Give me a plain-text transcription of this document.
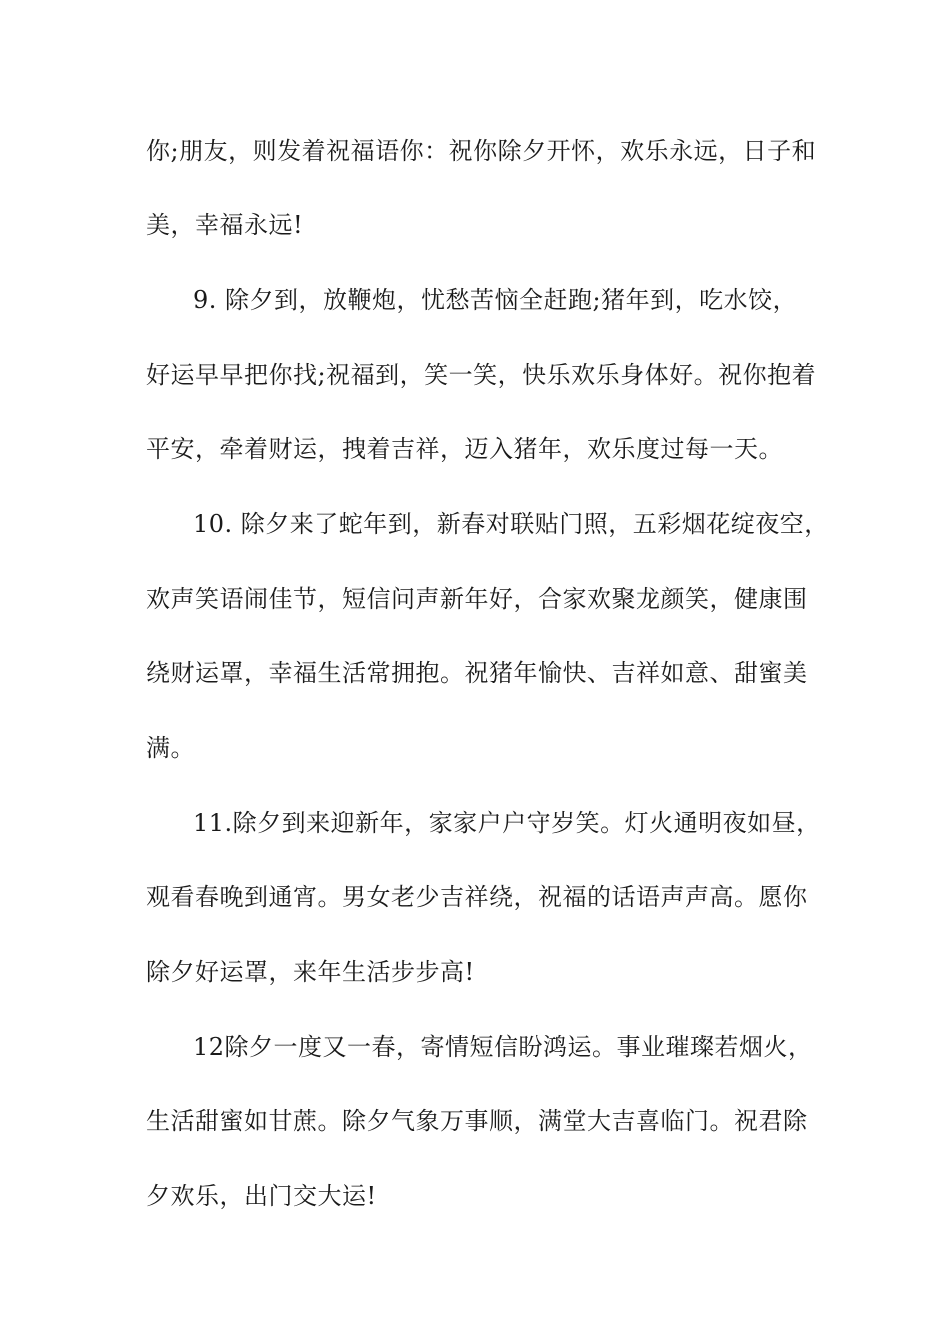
你;朋友，则发着祝福语你：祝你除夕开怀，欢乐永远，日子和
美，幸福永远!
9. 除夕到，放鞭炮，忧愁苦恼全赶跑;猪年到，吃水饺，
好运早早把你找;祝福到，笑一笑，快乐欢乐身体好。祝你抱着
平安，牵着财运，拽着吉祥，迈入猪年，欢乐度过每一天。
10. 除夕来了蛇年到，新春对联贴门照，五彩烟花绽夜空，
欢声笑语闹佳节，短信问声新年好，合家欢聚龙颜笑，健康围
绕财运罩，幸福生活常拥抱。祝猪年愉快、吉祥如意、甜蜜美
满。
11.除夕到来迎新年，家家户户守岁笑。灯火通明夜如昼，
观看春晚到通宵。男女老少吉祥绕，祝福的话语声声高。愿你
除夕好运罩，来年生活步步高!
12除夕一度又一春，寄情短信盼鸿运。事业璀璨若烟火，
生活甜蜜如甘蔗。除夕气象万事顺，满堂大吉喜临门。祝君除
夕欢乐，出门交大运!
